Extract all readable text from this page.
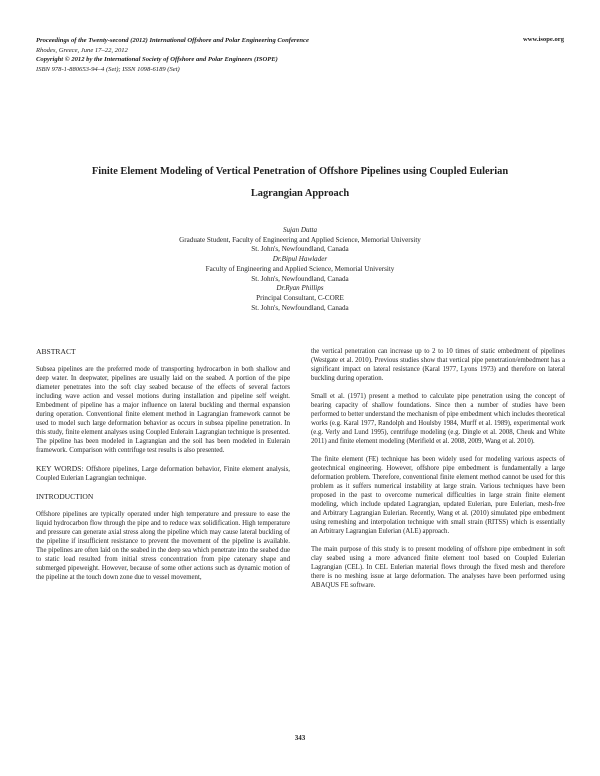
Proceedings of the Twenty-second (2012) International Offshore and Polar Engineering Conference
Rhodes, Greece, June 17–22, 2012
Copyright © 2012 by the International Society of Offshore and Polar Engineers (ISOPE)
ISBN 978-1-880653-94–4 (Set); ISSN 1098-6189 (Set)
www.isope.org
Finite Element Modeling of Vertical Penetration of Offshore Pipelines using Coupled Eulerian
Lagrangian Approach
Sujan Dutta
Graduate Student, Faculty of Engineering and Applied Science, Memorial University
St. John's, Newfoundland, Canada
Dr.Bipul Hawlader
Faculty of Engineering and Applied Science, Memorial University
St. John's, Newfoundland, Canada
Dr.Ryan Phillips
Principal Consultant, C-CORE
St. John's, Newfoundland, Canada
ABSTRACT

Subsea pipelines are the preferred mode of transporting hydrocarbon in both shallow and deep water. In deepwater, pipelines are usually laid on the seabed. A portion of the pipe diameter penetrates into the soft clay seabed because of the effects of several factors including wave action and vessel motions during installation and pipeline self weight. Embedment of pipeline has a major influence on lateral buckling and thermal expansion during operation. Conventional finite element method in Lagrangian framework cannot be used to model such large deformation behavior as occurs in subsea pipeline penetration. In this study, finite element analyses using Coupled Eulerain Lagrangian technique is presented. The pipeline has been modeled in Lagrangian and the soil has been modeled in Eulerain framework. Comparison with centrifuge test results is also presented.

KEY WORDS: Offshore pipelines, Large deformation behavior, Finite element analysis, Coupled Eulerian Lagrangian technique.

INTRODUCTION

Offshore pipelines are typically operated under high temperature and pressure to ease the liquid hydrocarbon flow through the pipe and to reduce wax solidification. High temperature and pressure can generate axial stress along the pipeline which may cause lateral buckling of the pipeline if insufficient resistance to prevent the movement of the pipeline is available. The pipelines are often laid on the seabed in the deep sea which penetrate into the seabed due to static load resulted from initial stress concentration from pipe catenary shape and submerged pipeweight. However, because of some other actions such as dynamic motion of the pipeline at the touch down zone due to vessel movement,

the vertical penetration can increase up to 2 to 10 times of static embedment of pipelines (Westgate et al. 2010). Previous studies show that vertical pipe penetration/embedment has a significant impact on lateral resistance (Karal 1977, Lyons 1973) and therefore on lateral buckling during operation.

Small et al. (1971) present a method to calculate pipe penetration using the concept of bearing capacity of shallow foundations. Since then a number of studies have been performed to better understand the mechanism of pipe embedment which includes theoretical works (e.g. Karal 1977, Randolph and Houlsby 1984, Murff et al. 1989), experimental work (e.g. Verly and Lund 1995), centrifuge modeling (e.g. Dingle et al. 2008, Cheuk and White 2011) and finite element modeling (Merifield et al. 2008, 2009, Wang et al. 2010).

The finite element (FE) technique has been widely used for modeling various aspects of geotechnical engineering. However, offshore pipe embedment is fundamentally a large deformation problem. Therefore, conventional finite element method cannot be used for this problem as it suffers numerical instability at large strain. Various techniques have been proposed in the past to overcome numerical difficulties in large strain finite element modeling, which include updated Lagrangian, updated Eulerian, pure Eulerian, mesh-free and Arbitrary Lagrangian Eulerian. Recently, Wang et al. (2010) simulated pipe embedment using remeshing and interpolation technique with small strain (RITSS) which is essentially an Arbitrary Lagrangian Eulerian (ALE) approach.

The main purpose of this study is to present modeling of offshore pipe embedment in soft clay seabed using a more advanced finite element tool based on Coupled Eulerian Lagrangian (CEL). In CEL Eulerian material flows through the fixed mesh and therefore there is no meshing issue at large deformation. The analyses have been performed using ABAQUS FE software.

343
